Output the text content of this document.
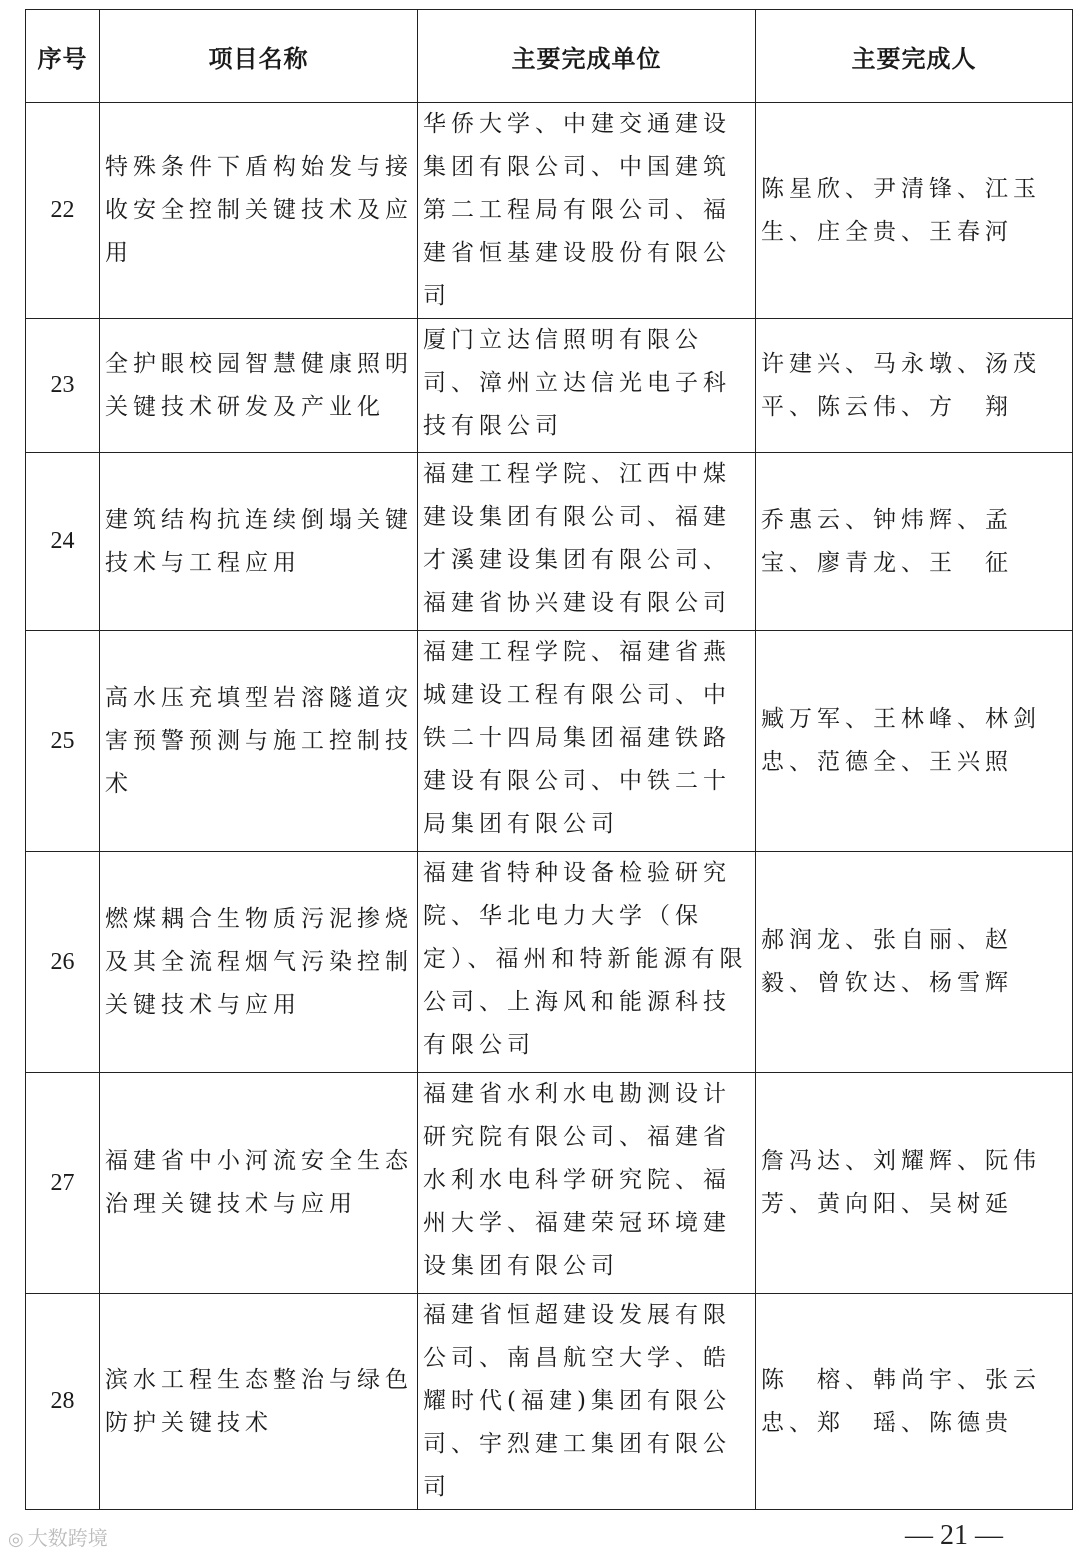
序号	项目名称	主要完成单位	主要完成人
22	特殊条件下盾构始发与接收安全控制关键技术及应用	华侨大学、中建交通建设集团有限公司、中国建筑第二工程局有限公司、福建省恒基建设股份有限公司	陈星欣、尹清锋、江玉生、庄全贵、王春河
23	全护眼校园智慧健康照明关键技术研发及产业化	厦门立达信照明有限公司、漳州立达信光电子科技有限公司	许建兴、马永墩、汤茂平、陈云伟、方　翔
24	建筑结构抗连续倒塌关键技术与工程应用	福建工程学院、江西中煤建设集团有限公司、福建才溪建设集团有限公司、福建省协兴建设有限公司	乔惠云、钟炜辉、孟　宝、廖青龙、王　征
25	高水压充填型岩溶隧道灾害预警预测与施工控制技术	福建工程学院、福建省燕城建设工程有限公司、中铁二十四局集团福建铁路建设有限公司、中铁二十局集团有限公司	臧万军、王林峰、林剑忠、范德全、王兴照
26	燃煤耦合生物质污泥掺烧及其全流程烟气污染控制关键技术与应用	福建省特种设备检验研究院、华北电力大学（保定）、福州和特新能源有限公司、上海风和能源科技有限公司	郝润龙、张自丽、赵　毅、曾钦达、杨雪辉
27	福建省中小河流安全生态治理关键技术与应用	福建省水利水电勘测设计研究院有限公司、福建省水利水电科学研究院、福州大学、福建荣冠环境建设集团有限公司	詹冯达、刘耀辉、阮伟芳、黄向阳、吴树延
28	滨水工程生态整治与绿色防护关键技术	福建省恒超建设发展有限公司、南昌航空大学、皓耀时代(福建)集团有限公司、宇烈建工集团有限公司	陈　榕、韩尚宇、张云忠、郑　瑶、陈德贵
◎ 大数跨境	— 21 —
